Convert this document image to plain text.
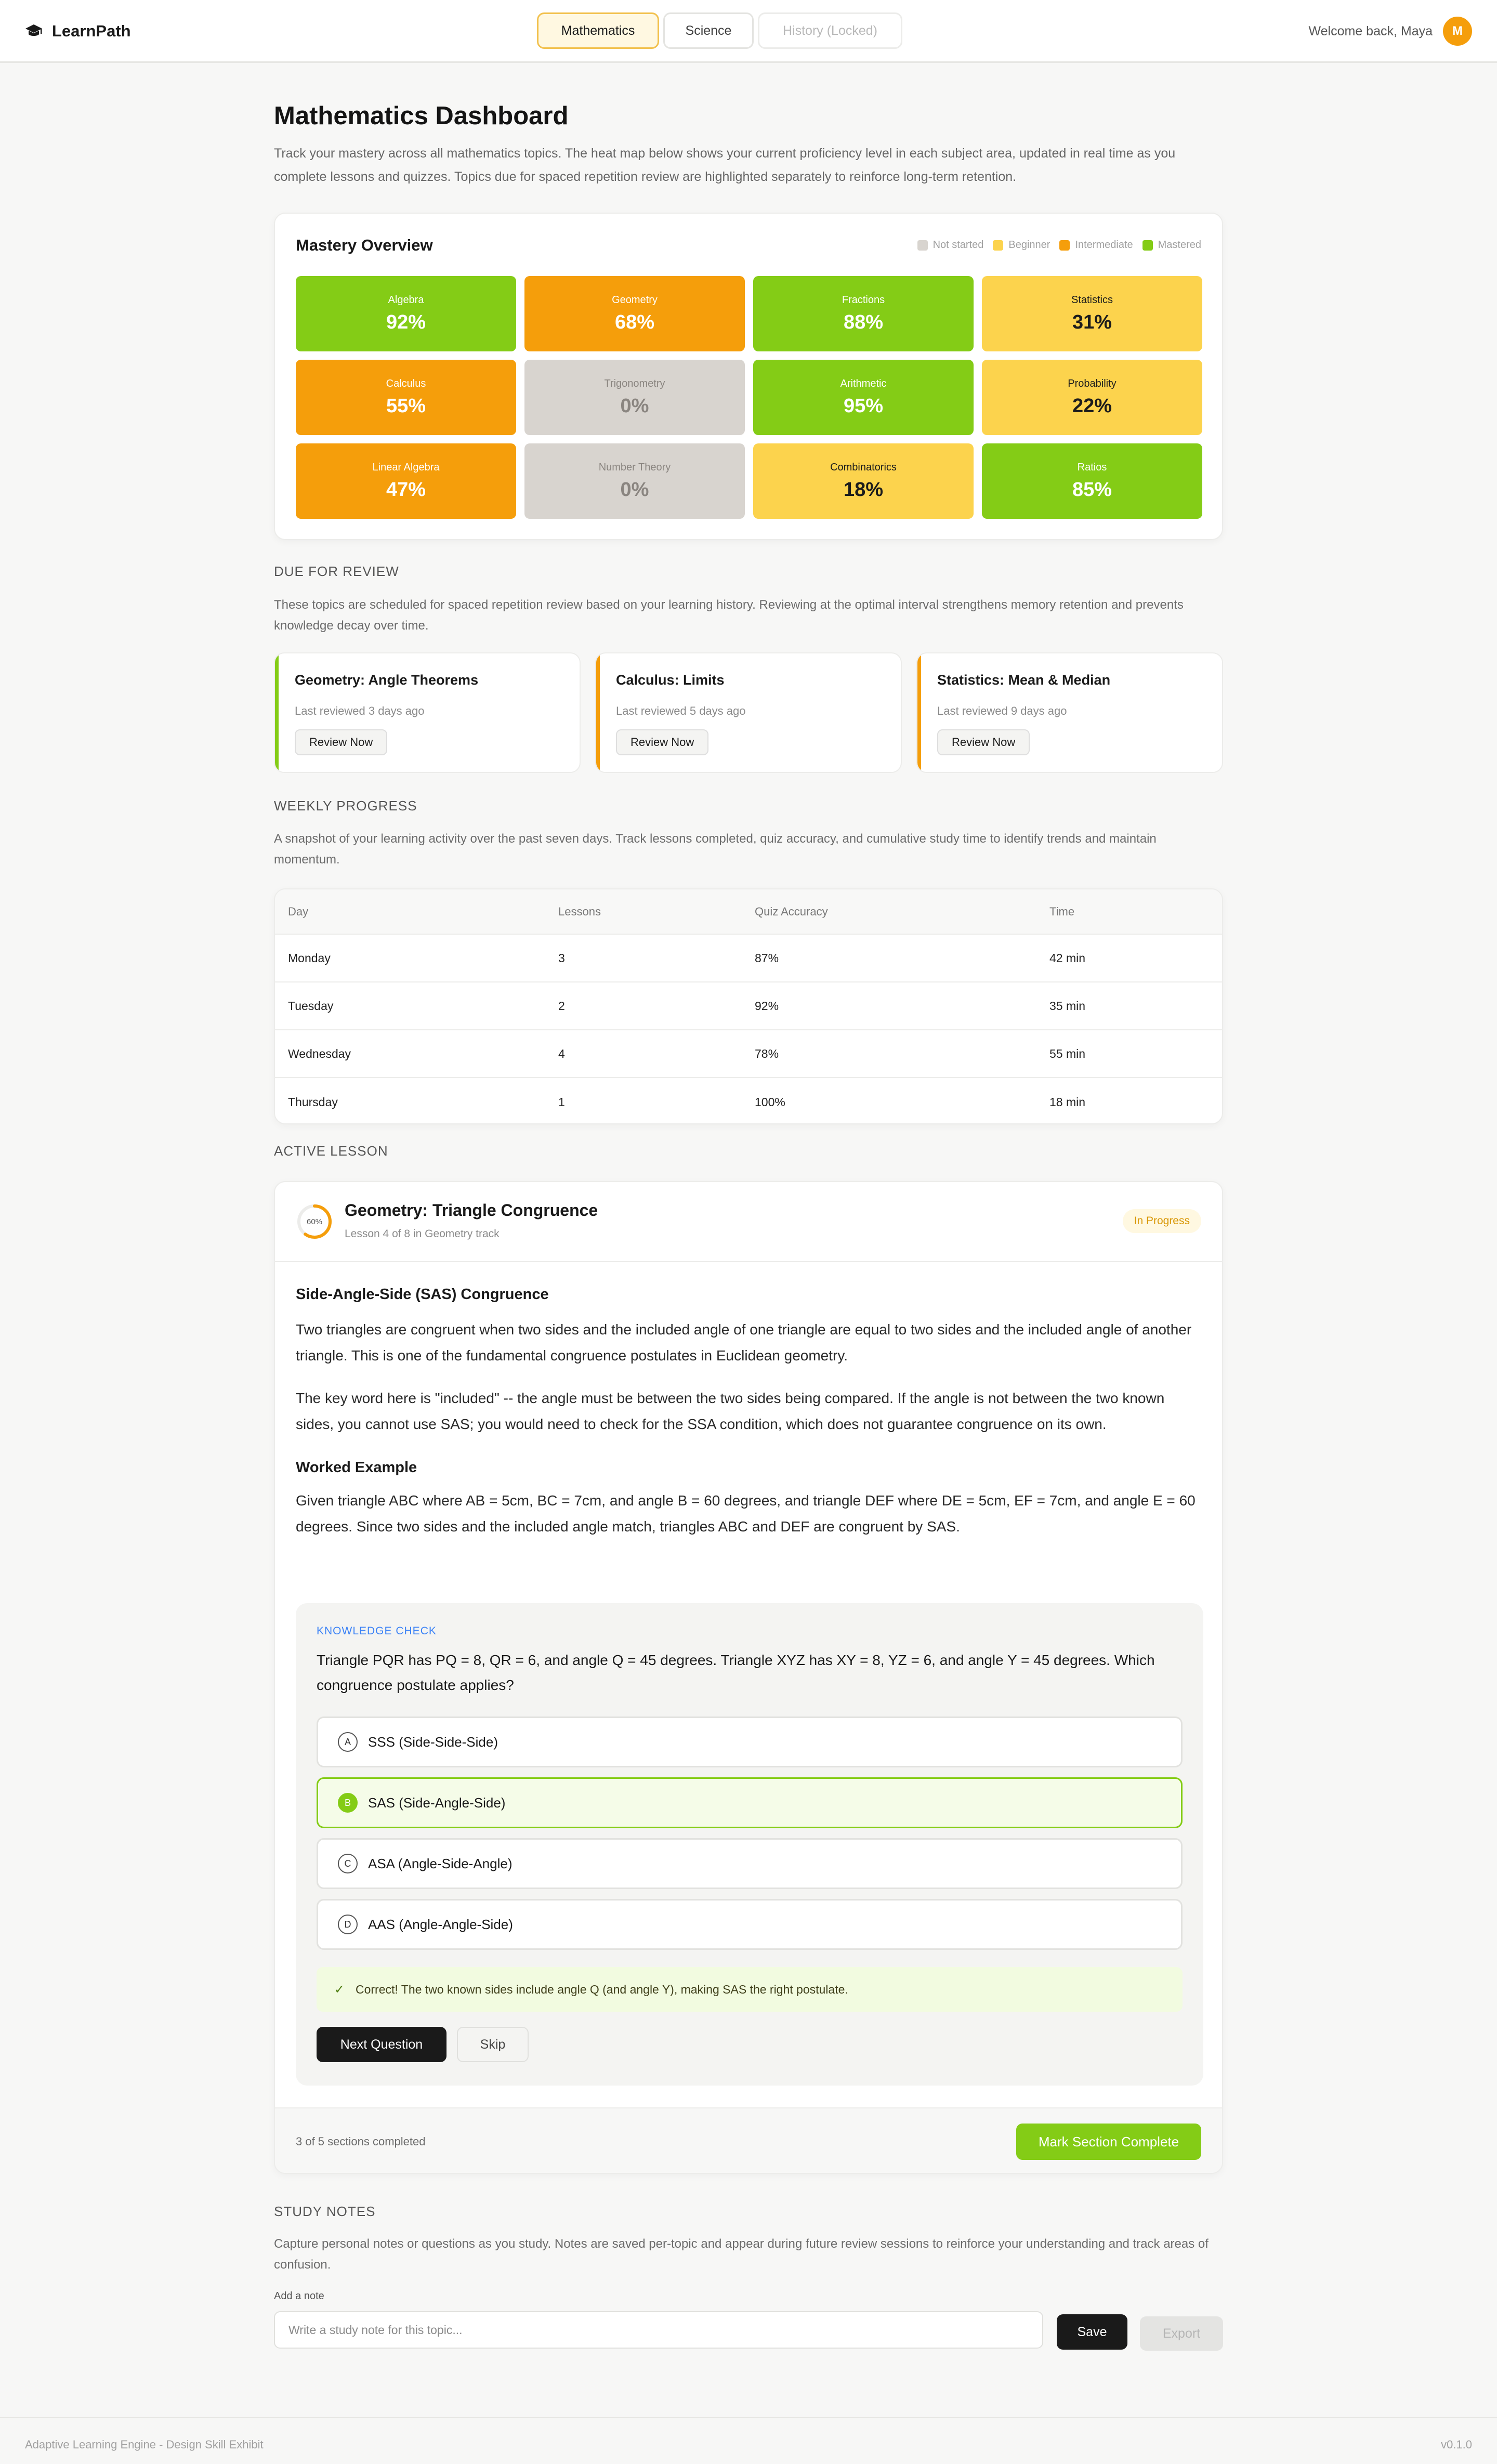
LearnPath	Mathematics	Science	History (Locked)	Welcome back, Maya	M
Mathematics Dashboard

Track your mastery across all mathematics topics. The heat map below shows your current proficiency level in each subject area, updated in real time as you complete lessons and quizzes. Topics due for spaced repetition review are highlighted separately to reinforce long-term retention.

Mastery Overview	Not started Beginner Intermediate Mastered
Algebra
92%
Geometry
68%
Fractions
88%
Statistics
31%
Calculus
55%
Trigonometry
0%
Arithmetic
95%
Probability
22%
Linear Algebra
47%
Number Theory
0%
Combinatorics
18%
Ratios
85%
DUE FOR REVIEW

These topics are scheduled for spaced repetition review based on your learning history. Reviewing at the optimal interval strengthens memory retention and prevents knowledge decay over time.

Geometry: Angle Theorems
Last reviewed 3 days ago
Review Now
Calculus: Limits
Last reviewed 5 days ago
Review Now
Statistics: Mean & Median
Last reviewed 9 days ago
Review Now
WEEKLY PROGRESS

A snapshot of your learning activity over the past seven days. Track lessons completed, quiz accuracy, and cumulative study time to identify trends and maintain momentum.

Day	Lessons	Quiz Accuracy	Time
Monday	3	87%	42 min
Tuesday	2	92%	35 min
Wednesday	4	78%	55 min
Thursday	1	100%	18 min
ACTIVE LESSON
60%
Geometry: Triangle Congruence
Lesson 4 of 8 in Geometry track
In Progress
Side-Angle-Side (SAS) Congruence

Two triangles are congruent when two sides and the included angle of one triangle are equal to two sides and the included angle of another triangle. This is one of the fundamental congruence postulates in Euclidean geometry.

The key word here is "included" -- the angle must be between the two sides being compared. If the angle is not between the two known sides, you cannot use SAS; you would need to check for the SSA condition, which does not guarantee congruence on its own.

Worked Example

Given triangle ABC where AB = 5cm, BC = 7cm, and angle B = 60 degrees, and triangle DEF where DE = 5cm, EF = 7cm, and angle E = 60 degrees. Since two sides and the included angle match, triangles ABC and DEF are congruent by SAS.

KNOWLEDGE CHECK
Triangle PQR has PQ = 8, QR = 6, and angle Q = 45 degrees. Triangle XYZ has XY = 8, YZ = 6, and angle Y = 45 degrees. Which congruence postulate applies?
A	SSS (Side-Side-Side)
B	SAS (Side-Angle-Side)
C	ASA (Angle-Side-Angle)
D	AAS (Angle-Angle-Side)
✓ Correct! The two known sides include angle Q (and angle Y), making SAS the right postulate.
Next Question	Skip
3 of 5 sections completed	Mark Section Complete
STUDY NOTES

Capture personal notes or questions as you study. Notes are saved per-topic and appear during future review sessions to reinforce your understanding and track areas of confusion.

Add a note
Write a study note for this topic...
Save	Export
Adaptive Learning Engine - Design Skill Exhibit	v0.1.0
